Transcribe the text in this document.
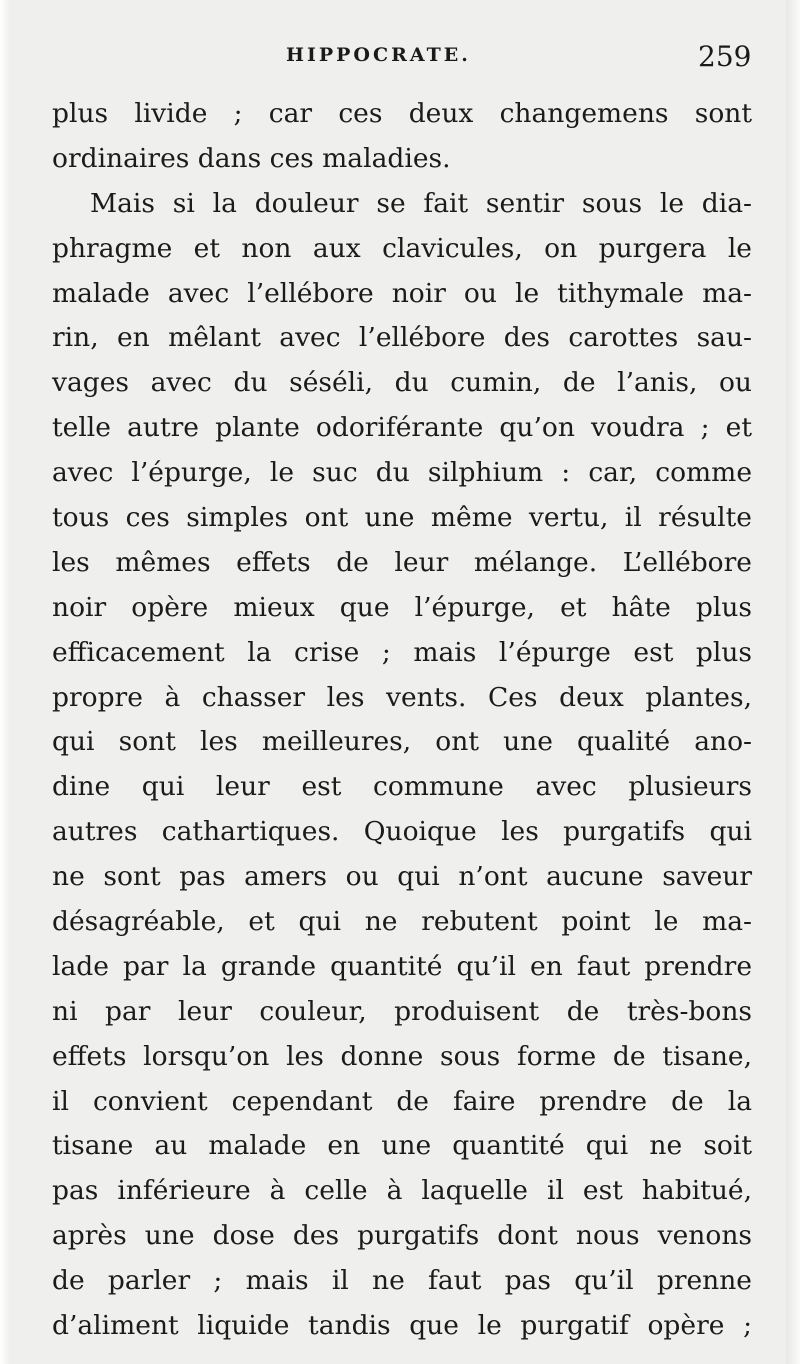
HIPPOCRATE.	259
plus livide ; car ces deux changemens sont
ordinaires dans ces maladies.
Mais si la douleur se fait sentir sous le dia-
phragme et non aux clavicules, on purgera le
malade avec l’ellébore noir ou le tithymale ma-
rin, en mêlant avec l’ellébore des carottes sau-
vages avec du séséli, du cumin, de l’anis, ou
telle autre plante odoriférante qu’on voudra ; et
avec l’épurge, le suc du silphium : car, comme
tous ces simples ont une même vertu, il résulte
les mêmes effets de leur mélange. L’ellébore
noir opère mieux que l’épurge, et hâte plus
efficacement la crise ; mais l’épurge est plus
propre à chasser les vents. Ces deux plantes,
qui sont les meilleures, ont une qualité ano-
dine qui leur est commune avec plusieurs
autres cathartiques. Quoique les purgatifs qui
ne sont pas amers ou qui n’ont aucune saveur
désagréable, et qui ne rebutent point le ma-
lade par la grande quantité qu’il en faut prendre
ni par leur couleur, produisent de très-bons
effets lorsqu’on les donne sous forme de tisane,
il convient cependant de faire prendre de la
tisane au malade en une quantité qui ne soit
pas inférieure à celle à laquelle il est habitué,
après une dose des purgatifs dont nous venons
de parler ; mais il ne faut pas qu’il prenne
d’aliment liquide tandis que le purgatif opère ;
